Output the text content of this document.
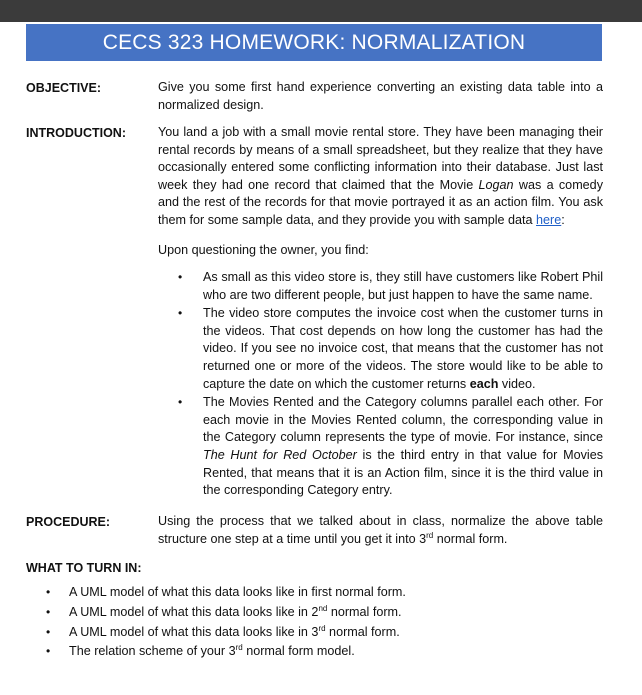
CECS 323 HOMEWORK: NORMALIZATION
OBJECTIVE:	Give you some first hand experience converting an existing data table into a normalized design.
INTRODUCTION:	You land a job with a small movie rental store. They have been managing their rental records by means of a small spreadsheet, but they realize that they have occasionally entered some conflicting information into their database. Just last week they had one record that claimed that the Movie Logan was a comedy and the rest of the records for that movie portrayed it as an action film. You ask them for some sample data, and they provide you with sample data here:
Upon questioning the owner, you find:
• As small as this video store is, they still have customers like Robert Phil who are two different people, but just happen to have the same name.
• The video store computes the invoice cost when the customer turns in the videos. That cost depends on how long the customer has had the video. If you see no invoice cost, that means that the customer has not returned one or more of the videos. The store would like to be able to capture the date on which the customer returns each video.
• The Movies Rented and the Category columns parallel each other. For each movie in the Movies Rented column, the corresponding value in the Category column represents the type of movie. For instance, since The Hunt for Red October is the third entry in that value for Movies Rented, that means that it is an Action film, since it is the third value in the corresponding Category entry.
PROCEDURE:	Using the process that we talked about in class, normalize the above table structure one step at a time until you get it into 3rd normal form.
WHAT TO TURN IN:
• A UML model of what this data looks like in first normal form.
• A UML model of what this data looks like in 2nd normal form.
• A UML model of what this data looks like in 3rd normal form.
• The relation scheme of your 3rd normal form model.
